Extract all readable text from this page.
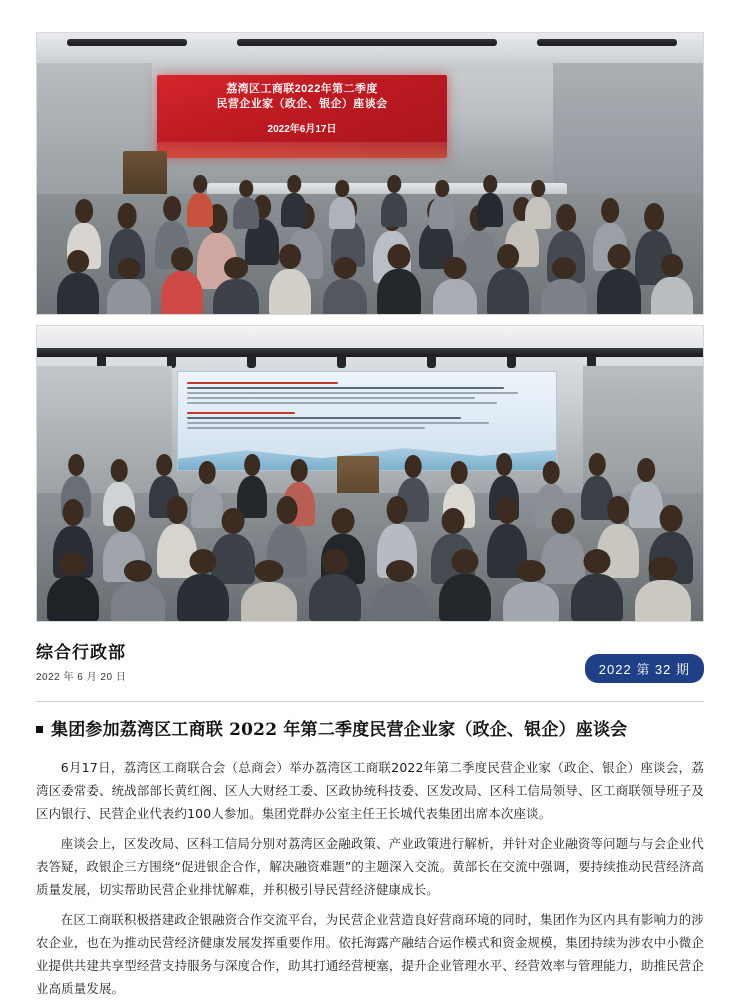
荔湾区工商联2022年第二季度
民营企业家（政企、银企）座谈会
2022年6月17日
综合行政部
2022 年 6 月 20 日
2022 第 32 期
集团参加荔湾区工商联 2022 年第二季度民营企业家（政企、银企）座谈会

6月17日，荔湾区工商联合会（总商会）举办荔湾区工商联2022年第二季度民营企业家（政企、银企）座谈会，荔湾区委常委、统战部部长黄红阁、区人大财经工委、区政协统科技委、区发改局、区科工信局领导、区工商联领导班子及区内银行、民营企业代表约100人参加。集团党群办公室主任王长城代表集团出席本次座谈。

座谈会上，区发改局、区科工信局分别对荔湾区金融政策、产业政策进行解析，并针对企业融资等问题与与会企业代表答疑，政银企三方围绕“促进银企合作，解决融资难题”的主题深入交流。黄部长在交流中强调，要持续推动民营经济高质量发展，切实帮助民营企业排忧解难，并积极引导民营经济健康成长。

在区工商联积极搭建政企银融资合作交流平台，为民营企业营造良好营商环境的同时，集团作为区内具有影响力的涉农企业，也在为推动民营经济健康发展发挥重要作用。依托海露产融结合运作模式和资金规模，集团持续为涉农中小微企业提供共建共享型经营支持服务与深度合作，助其打通经营梗塞，提升企业管理水平、经营效率与管理能力，助推民营企业高质量发展。
